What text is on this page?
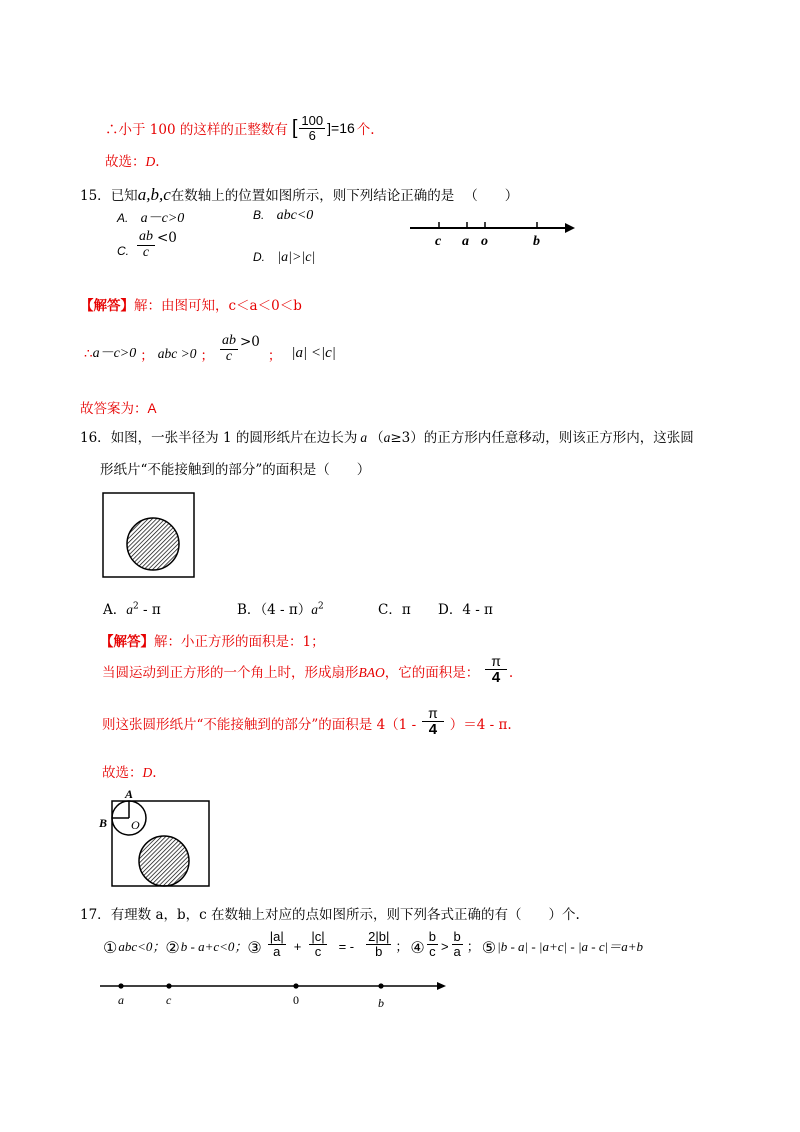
∴小于 100 的这样的正整数有 [ $\frac{100}{6} ]=16$ 个.
故选：D.
15．已知a,b,c在数轴上的位置如图所示，则下列结论正确的是 （　　）
A. a－c>0	B. abc<0
C. $\frac{ab}{c} <0$
D. |a|>|c|
c a o	b
【解答】解：由图可知，c＜a＜0＜b
∴ a－c>0 ； abc >0 ； $\frac{ab}{c} >0$
； |a| <|c|
故答案为：A
16．如图，一张半径为 1 的圆形纸片在边长为 a （a≥3）的正方形内任意移动，则该正方形内，这张圆
形纸片“不能接触到的部分”的面积是（　　）
A．$a^2$ - π	B．$(4 - \pi)a^2$	C．π D．4 - π
【解答】解：小正方形的面积是：1；
当圆运动到正方形的一个角上时，形成扇形 BAO ，它的面积是： $\frac{\pi}{4}$ .
则这张圆形纸片“不能接触到的部分”的面积是 $4(1 - \frac{\pi}{4} )=4 - \pi$.
故选：D.
A
B O
17．有理数 a，b，c 在数轴上对应的点如图所示，则下列各式正确的有（　　）个.
① abc<0； ② b - a+c<0； ③ $\frac{|a|}{a} + \frac{|c|}{c}$ = - $\frac{2|b|}{b}$ ； ④ $\frac{b}{c} > \frac{b}{a}$ ； ⑤ |b - a| - |a+c| - |a - c|＝a+b
a	c	0	b
